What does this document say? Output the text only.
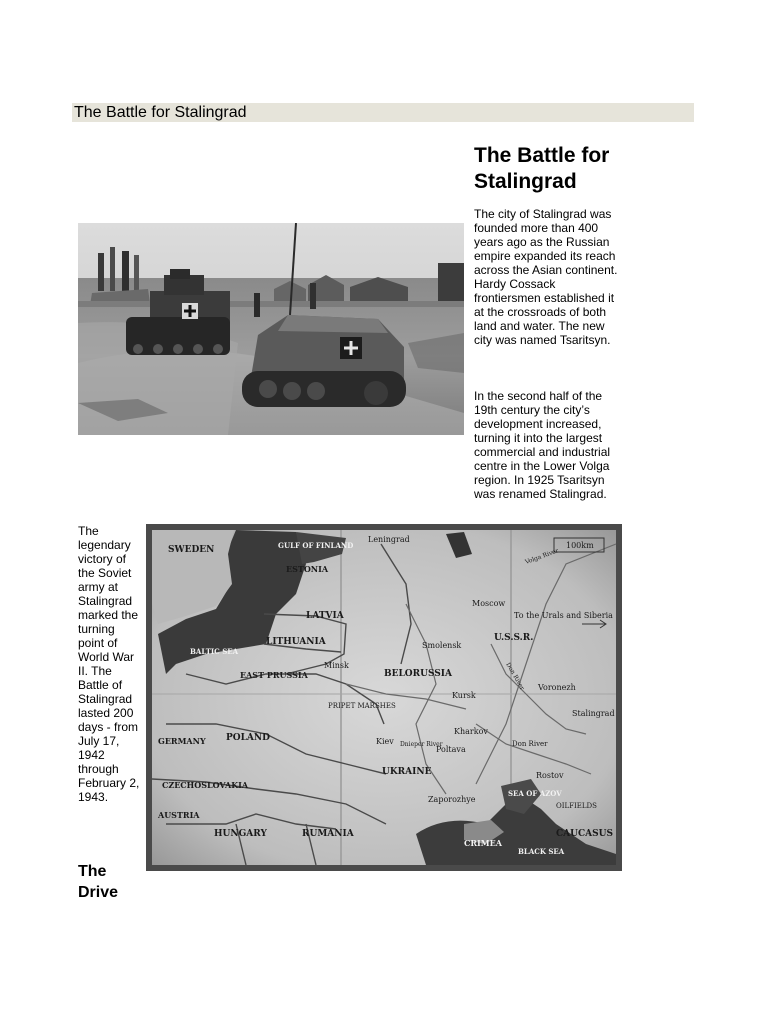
The Battle for Stalingrad
The Battle for Stalingrad

The city of Stalingrad was founded more than 400 years ago as the Russian empire expanded its reach across the Asian continent. Hardy Cossack frontiersmen established it at the crossroads of both land and water. The new city was named Tsaritsyn.

In the second half of the 19th century the city’s development increased, turning it into the largest commercial and industrial centre in the Lower Volga region. In 1925 Tsaritsyn was renamed Stalingrad.

The legendary victory of the Soviet army at Stalingrad marked the turning point of World War II. The Battle of Stalingrad lasted 200 days - from July 17, 1942 through February 2, 1943.

The Drive
100km
SWEDEN	GULF OF FINLAND
Leningrad
ESTONIA
LATVIA
LITHUANIA
BALTIC SEA
EAST PRUSSIA
Minsk
Moscow
To the Urals and Siberia
U.S.S.R.
Smolensk
BELORUSSIA
Kursk
Voronezh
Stalingrad
PRIPET MARSHES
Kharkov
POLAND
GERMANY	Kiev
Poltava
Don River
Dnieper River
UKRAINE	Rostov
OILFIELDS
CZECHOSLOVAKIA
AUSTRIA
Zaporozhye
SEA OF AZOV
HUNGARY	RUMANIA	CAUCASUS
CRIMEA
BLACK SEA
Volga River
Don River
